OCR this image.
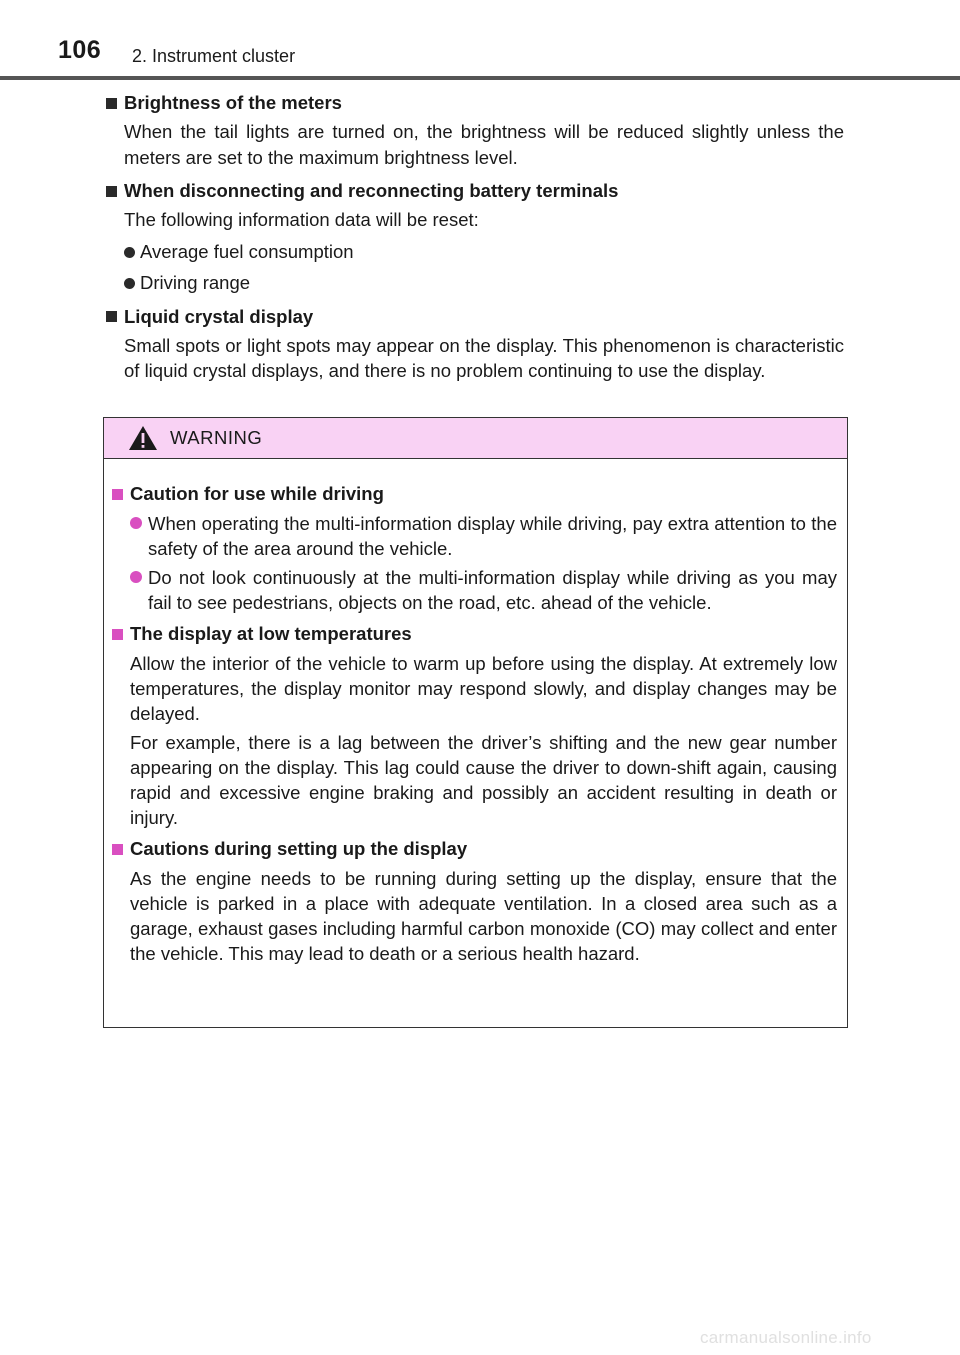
106 2. Instrument cluster
Brightness of the meters
When the tail lights are turned on, the brightness will be reduced slightly unless the meters are set to the maximum brightness level.
When disconnecting and reconnecting battery terminals
The following information data will be reset:
Average fuel consumption
Driving range
Liquid crystal display
Small spots or light spots may appear on the display. This phenomenon is characteristic of liquid crystal displays, and there is no problem continuing to use the display.
WARNING
Caution for use while driving
When operating the multi-information display while driving, pay extra attention to the safety of the area around the vehicle.
Do not look continuously at the multi-information display while driving as you may fail to see pedestrians, objects on the road, etc. ahead of the vehicle.
The display at low temperatures
Allow the interior of the vehicle to warm up before using the display. At extremely low temperatures, the display monitor may respond slowly, and display changes may be delayed.
For example, there is a lag between the driver’s shifting and the new gear number appearing on the display. This lag could cause the driver to down-shift again, causing rapid and excessive engine braking and possibly an accident resulting in death or injury.
Cautions during setting up the display
As the engine needs to be running during setting up the display, ensure that the vehicle is parked in a place with adequate ventilation. In a closed area such as a garage, exhaust gases including harmful carbon monoxide (CO) may collect and enter the vehicle. This may lead to death or a serious health hazard.
carmanualsonline.info
